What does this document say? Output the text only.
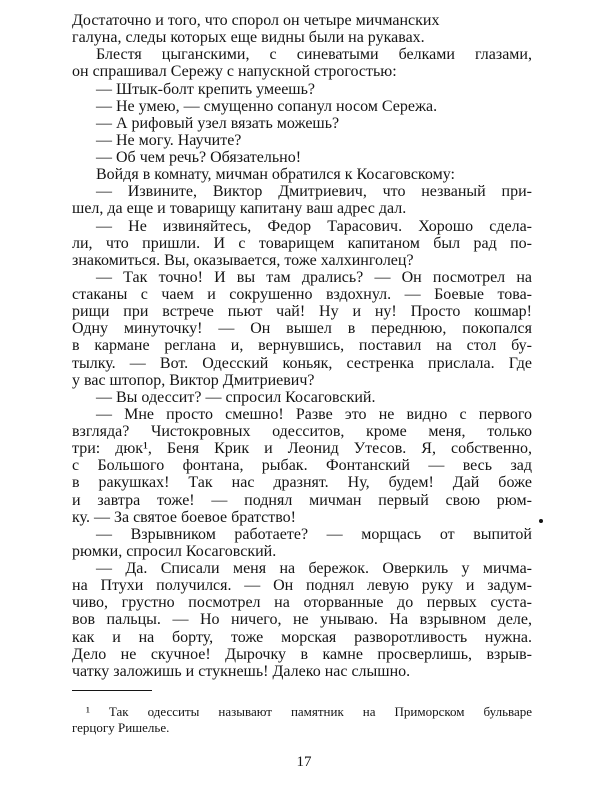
Достаточно и того, что спорол он четыре мичманских
галуна, следы которых еще видны были на рукавах.
Блестя цыганскими, с синеватыми белками глазами,
он спрашивал Сережу с напускной строгостью:
— Штык-болт крепить умеешь?
— Не умею, — смущенно сопанул носом Сережа.
— А рифовый узел вязать можешь?
— Не могу. Научите?
— Об чем речь? Обязательно!
Войдя в комнату, мичман обратился к Косаговскому:
— Извините, Виктор Дмитриевич, что незваный при-
шел, да еще и товарищу капитану ваш адрес дал.
— Не извиняйтесь, Федор Тарасович. Хорошо сдела-
ли, что пришли. И с товарищем капитаном был рад по-
знакомиться. Вы, оказывается, тоже халхинголец?
— Так точно! И вы там дрались? — Он посмотрел на
стаканы с чаем и сокрушенно вздохнул. — Боевые това-
рищи при встрече пьют чай! Ну и ну! Просто кошмар!
Одну минуточку! — Он вышел в переднюю, покопался
в кармане реглана и, вернувшись, поставил на стол бу-
тылку. — Вот. Одесский коньяк, сестренка прислала. Где
у вас штопор, Виктор Дмитриевич?
— Вы одессит? — спросил Косаговский.
— Мне просто смешно! Разве это не видно с первого
взгляда? Чистокровных одесситов, кроме меня, только
три: дюк¹, Беня Крик и Леонид Утесов. Я, собственно,
с Большого фонтана, рыбак. Фонтанский — весь зад
в ракушках! Так нас дразнят. Ну, будем! Дай боже
и завтра тоже! — поднял мичман первый свою рюм-
ку. — За святое боевое братство!
— Взрывником работаете? — морщась от выпитой
рюмки, спросил Косаговский.
— Да. Списали меня на бережок. Оверкиль у мичма-
на Птухи получился. — Он поднял левую руку и задум-
чиво, грустно посмотрел на оторванные до первых суста-
вов пальцы. — Но ничего, не унываю. На взрывном деле,
как и на борту, тоже морская разворотливость нужна.
Дело не скучное! Дырочку в камне просверлишь, взрыв-
чатку заложишь и стукнешь! Далеко нас слышно.
¹ Так одесситы называют памятник на Приморском бульваре
герцогу Ришелье.
17
